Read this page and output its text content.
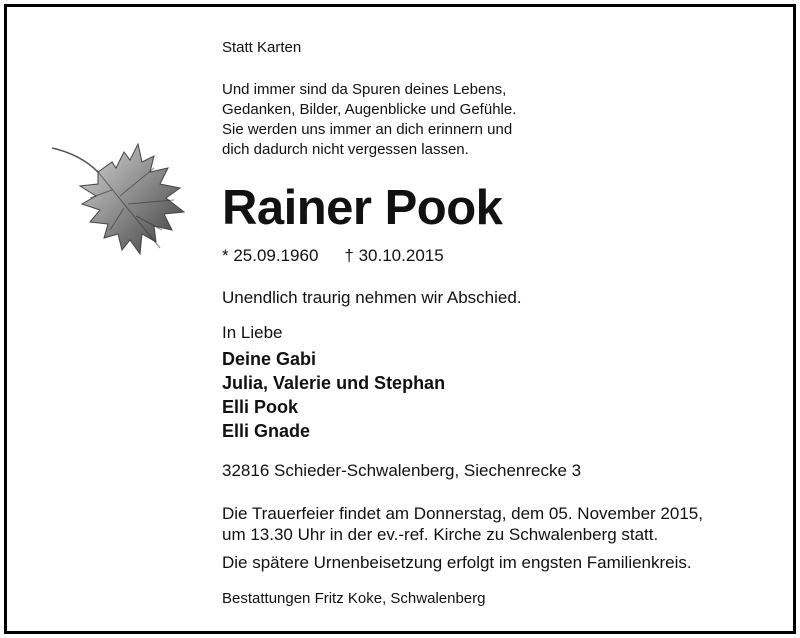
Statt Karten

Und immer sind da Spuren deines Lebens,

Gedanken, Bilder, Augenblicke und Gefühle.

Sie werden uns immer an dich erinnern und

dich dadurch nicht vergessen lassen.

Rainer Pook
* 25.09.1960 † 30.10.2015
Unendlich traurig nehmen wir Abschied.
In Liebe

Deine Gabi

Julia, Valerie und Stephan

Elli Pook

Elli Gnade

32816 Schieder-Schwalenberg, Siechenrecke 3

Die Trauerfeier findet am Donnerstag, dem 05. November 2015,

um 13.30 Uhr in der ev.-ref. Kirche zu Schwalenberg statt.

Die spätere Urnenbeisetzung erfolgt im engsten Familienkreis.
Bestattungen Fritz Koke, Schwalenberg
